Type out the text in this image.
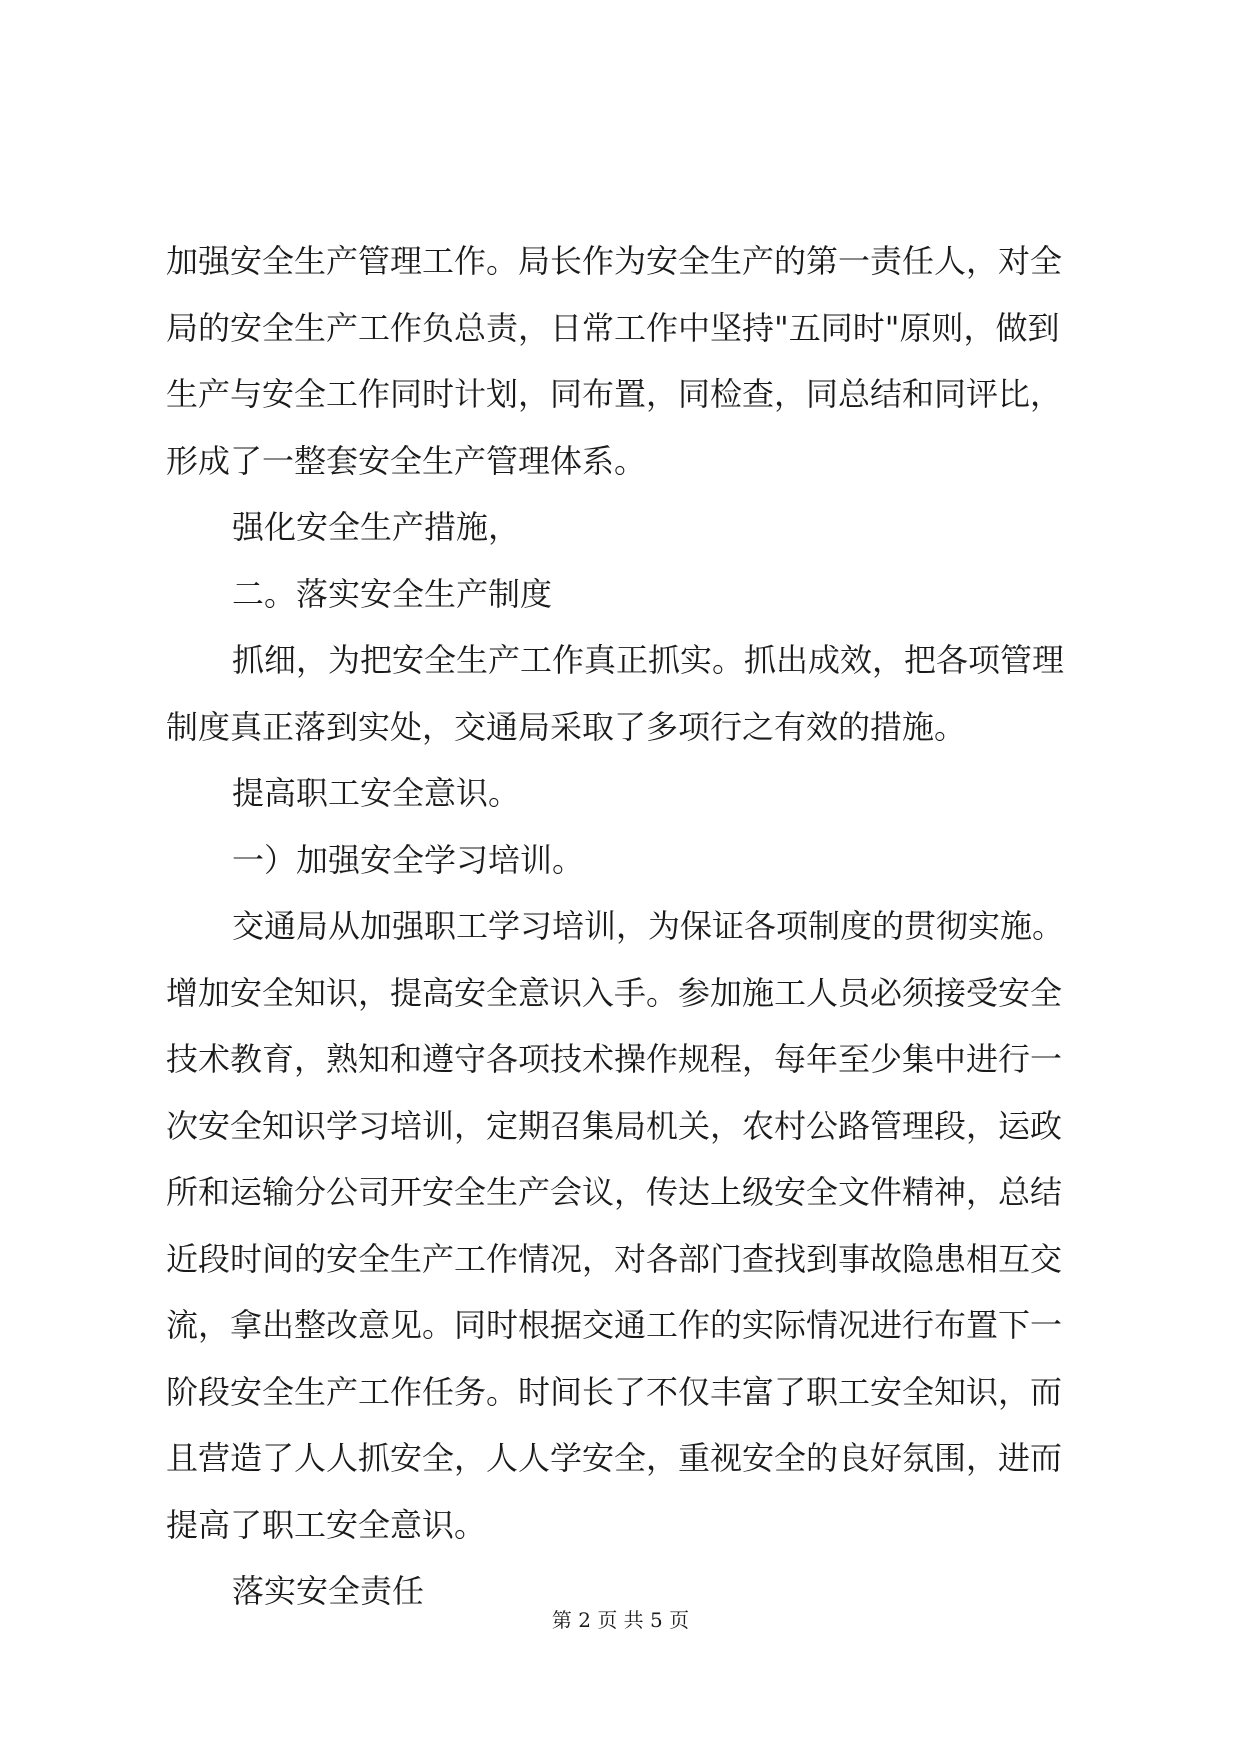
加强安全生产管理工作。局长作为安全生产的第一责任人，对全
局的安全生产工作负总责，日常工作中坚持"五同时"原则，做到
生产与安全工作同时计划，同布置，同检查，同总结和同评比，
形成了一整套安全生产管理体系。
强化安全生产措施，
二。落实安全生产制度
抓细，为把安全生产工作真正抓实。抓出成效，把各项管理
制度真正落到实处，交通局采取了多项行之有效的措施。
提高职工安全意识。
一）加强安全学习培训。
交通局从加强职工学习培训，为保证各项制度的贯彻实施。
增加安全知识，提高安全意识入手。参加施工人员必须接受安全
技术教育，熟知和遵守各项技术操作规程，每年至少集中进行一
次安全知识学习培训，定期召集局机关，农村公路管理段，运政
所和运输分公司开安全生产会议，传达上级安全文件精神，总结
近段时间的安全生产工作情况，对各部门查找到事故隐患相互交
流，拿出整改意见。同时根据交通工作的实际情况进行布置下一
阶段安全生产工作任务。时间长了不仅丰富了职工安全知识，而
且营造了人人抓安全，人人学安全，重视安全的良好氛围，进而
提高了职工安全意识。
落实安全责任
第 2 页 共 5 页
